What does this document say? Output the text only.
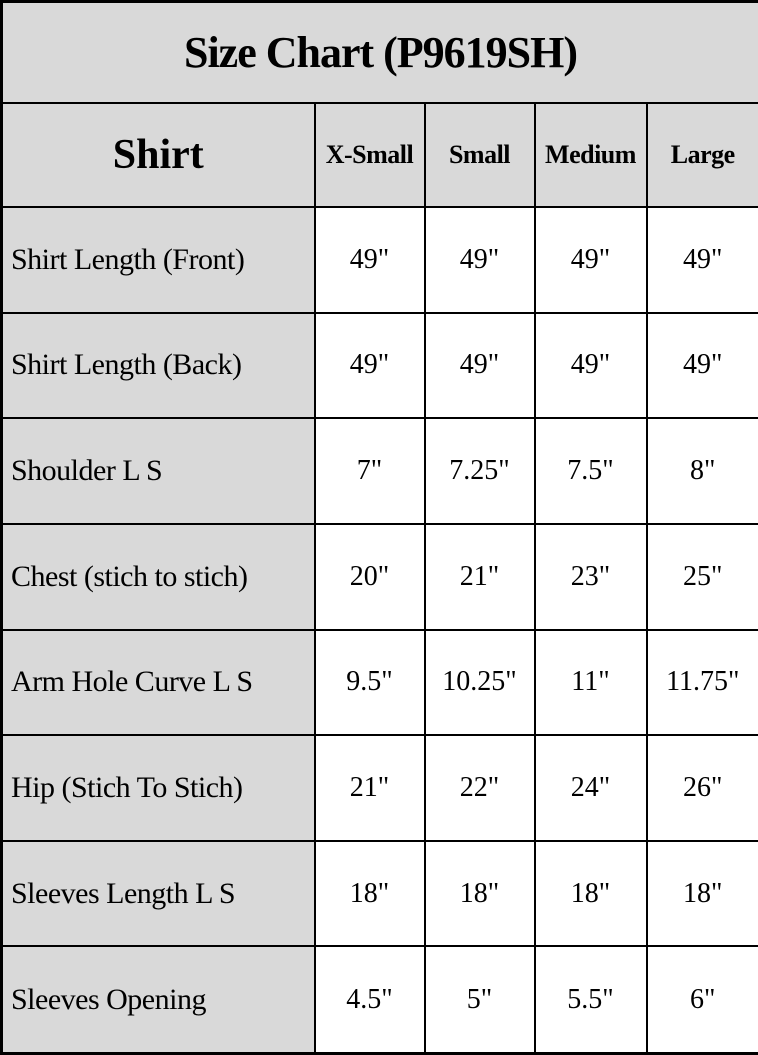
Size Chart (P9619SH)				
Shirt	X-Small	Small	Medium	Large
Shirt Length (Front)	49"	49"	49"	49"
Shirt Length (Back)	49"	49"	49"	49"
Shoulder L S	7"	7.25"	7.5"	8"
Chest (stich to stich)	20"	21"	23"	25"
Arm Hole Curve L S	9.5"	10.25"	11"	11.75"
Hip (Stich To Stich)	21"	22"	24"	26"
Sleeves Length L S	18"	18"	18"	18"
Sleeves Opening	4.5"	5"	5.5"	6"
